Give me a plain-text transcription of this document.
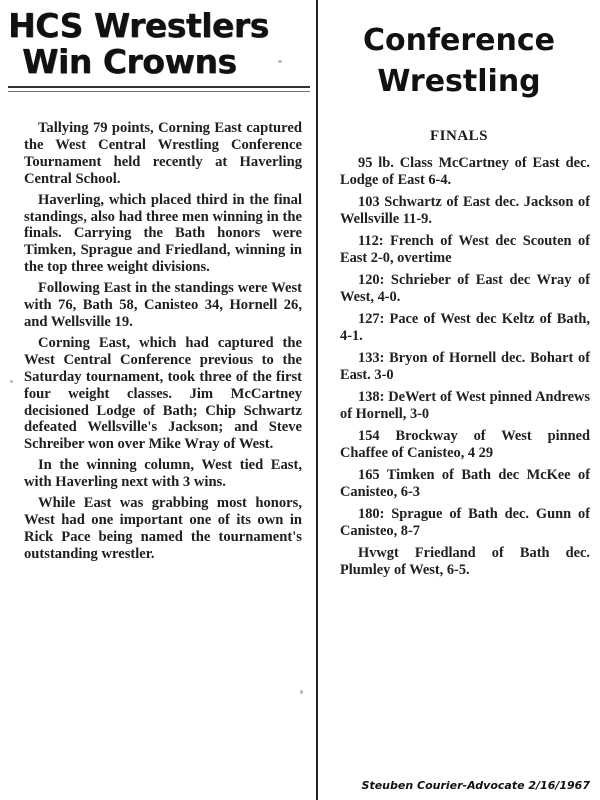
HCS Wrestlers
Win Crowns

Tallying 79 points, Corning East captured the West Central Wrestling Conference Tournament held recently at Haverling Central School.

Haverling, which placed third in the final standings, also had three men winning in the finals. Carrying the Bath honors were Timken, Sprague and Friedland, winning in the top three weight divisions.

Following East in the standings were West with 76, Bath 58, Canisteo 34, Hornell 26, and Wellsville 19.

Corning East, which had captured the West Central Conference previous to the Saturday tournament, took three of the first four weight classes. Jim McCartney decisioned Lodge of Bath; Chip Schwartz defeated Wellsville's Jackson; and Steve Schreiber won over Mike Wray of West.

In the winning column, West tied East, with Haverling next with 3 wins.

While East was grabbing most honors, West had one important one of its own in Rick Pace being named the tournament's outstanding wrestler.

Conference
Wrestling
FINALS
95 lb. Class McCartney of East dec. Lodge of East 6-4.
103 Schwartz of East dec. Jackson of Wellsville 11-9.
112: French of West dec Scouten of East 2-0, overtime
120: Schrieber of East dec Wray of West, 4-0.
127: Pace of West dec Keltz of Bath, 4-1.
133: Bryon of Hornell dec. Bohart of East. 3-0
138: DeWert of West pinned Andrews of Hornell, 3-0
154 Brockway of West pinned Chaffee of Canisteo, 4 29
165 Timken of Bath dec McKee of Canisteo, 6-3
180: Sprague of Bath dec. Gunn of Canisteo, 8-7
Hvwgt Friedland of Bath dec. Plumley of West, 6-5.
Steuben Courier-Advocate 2/16/1967
